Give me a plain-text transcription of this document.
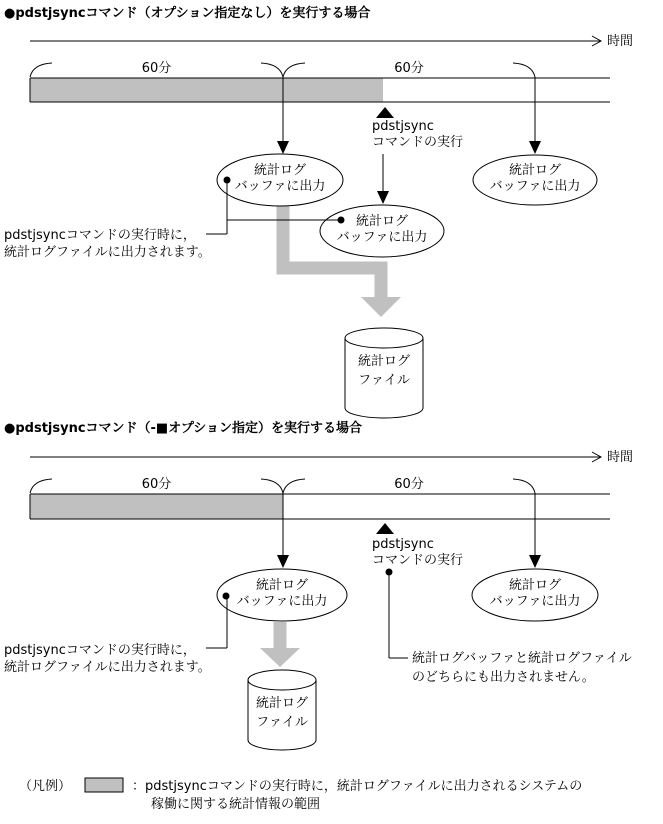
●pdstjsyncコマンド（オプション指定なし）を実行する場合
時間
60分	60分
pdstjsync
コマンドの実行
統計ログ
バッファに出力
統計ログ
バッファに出力
統計ログ
バッファに出力
pdstjsyncコマンドの実行時に，
統計ログファイルに出力されます。
統計ログ
ファイル
●pdstjsyncコマンド（-■オプション指定）を実行する場合
時間
60分	60分
pdstjsync
コマンドの実行
統計ログ
バッファに出力
統計ログ
バッファに出力
pdstjsyncコマンドの実行時に，
統計ログファイルに出力されます。
統計ログバッファと統計ログファイル
のどちらにも出力されません。
統計ログ
ファイル
（凡例）	：pdstjsyncコマンドの実行時に，統計ログファイルに出力されるシステムの
稼働に関する統計情報の範囲
